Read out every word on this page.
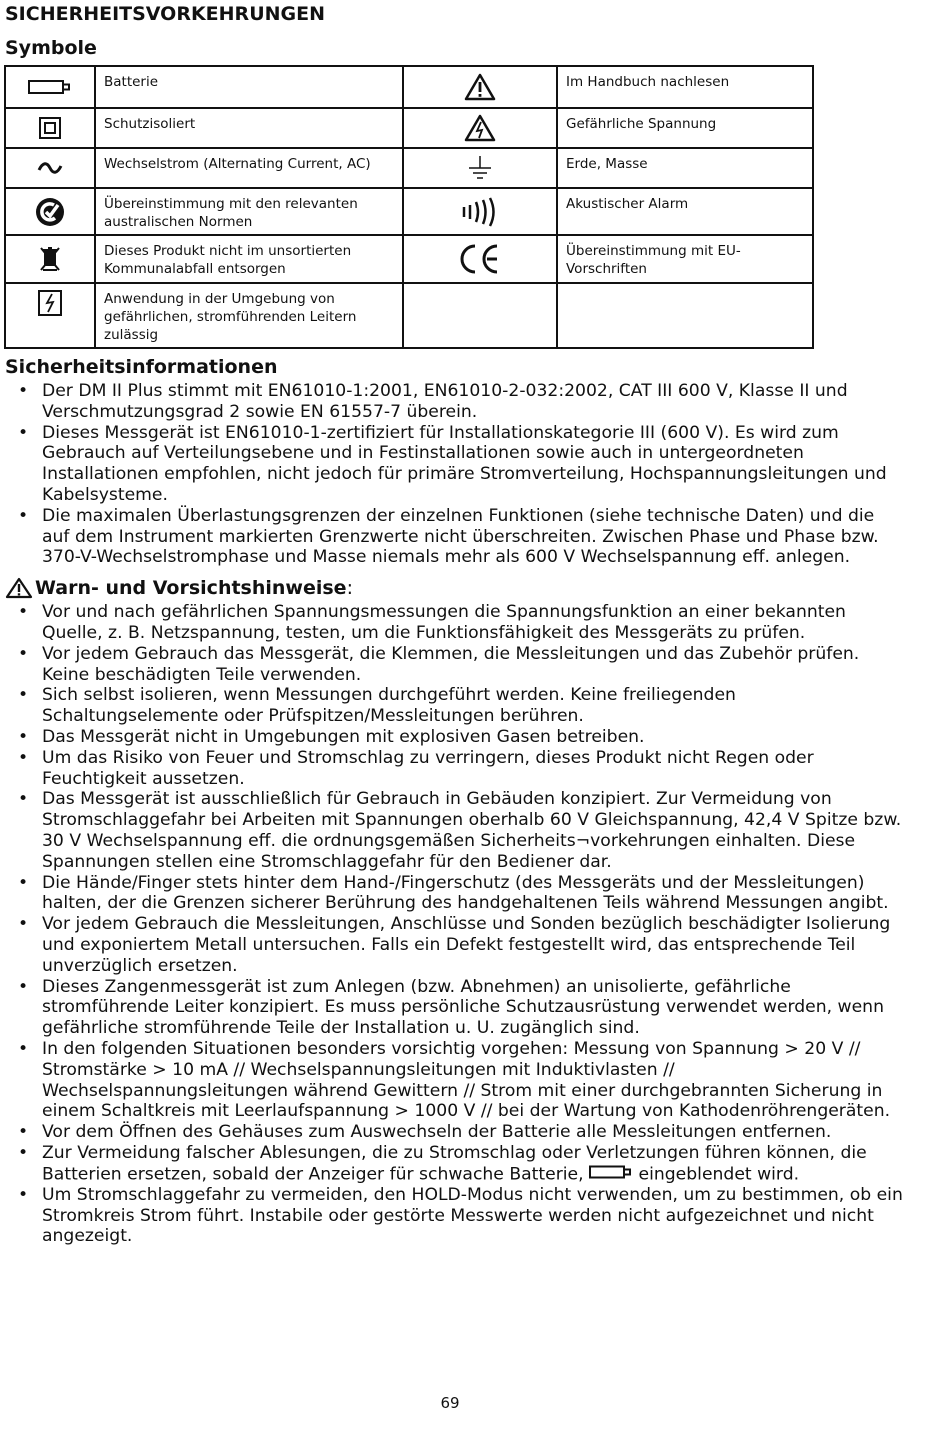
SICHERHEITSVORKEHRUNGEN
Symbole
	Batterie		Im Handbuch nachlesen

	Schutzisoliert		Gefährliche Spannung

	Wechselstrom (Alternating Current, AC)		Erde, Masse

	Übereinstimmung mit den relevanten australischen Normen		Akustischer Alarm

	Dieses Produkt nicht im unsortierten Kommunalabfall entsorgen		Übereinstimmung mit EU-Vorschriften

	Anwendung in der Umgebung von gefährlichen, stromführenden Leitern zulässig		
Sicherheitsinformationen
• Der DM II Plus stimmt mit EN61010-1:2001, EN61010-2-032:2002, CAT III 600 V, Klasse II und Verschmutzungsgrad 2 sowie EN 61557-7 überein.
• Dieses Messgerät ist EN61010-1-zertifiziert für Installationskategorie III (600 V). Es wird zum Gebrauch auf Verteilungsebene und in Festinstallationen sowie auch in untergeordneten Installationen empfohlen, nicht jedoch für primäre Stromverteilung, Hochspannungsleitungen und Kabelsysteme.
• Die maximalen Überlastungsgrenzen der einzelnen Funktionen (siehe technische Daten) und die auf dem Instrument markierten Grenzwerte nicht überschreiten. Zwischen Phase und Phase bzw. 370-V-Wechselstromphase und Masse niemals mehr als 600 V Wechselspannung eff. anlegen.
Warn- und Vorsichtshinweise :
• Vor und nach gefährlichen Spannungsmessungen die Spannungsfunktion an einer bekannten Quelle, z. B. Netzspannung, testen, um die Funktionsfähigkeit des Messgeräts zu prüfen.
• Vor jedem Gebrauch das Messgerät, die Klemmen, die Messleitungen und das Zubehör prüfen. Keine beschädigten Teile verwenden.
• Sich selbst isolieren, wenn Messungen durchgeführt werden. Keine freiliegenden Schaltungselemente oder Prüfspitzen/Messleitungen berühren.
• Das Messgerät nicht in Umgebungen mit explosiven Gasen betreiben.
• Um das Risiko von Feuer und Stromschlag zu verringern, dieses Produkt nicht Regen oder Feuchtigkeit aussetzen.
• Das Messgerät ist ausschließlich für Gebrauch in Gebäuden konzipiert. Zur Vermeidung von Stromschlaggefahr bei Arbeiten mit Spannungen oberhalb 60 V Gleichspannung, 42,4 V Spitze bzw. 30 V Wechselspannung eff. die ordnungsgemäßen Sicherheits¬vorkehrungen einhalten. Diese Spannungen stellen eine Stromschlaggefahr für den Bediener dar.
• Die Hände/Finger stets hinter dem Hand-/Fingerschutz (des Messgeräts und der Messleitungen) halten, der die Grenzen sicherer Berührung des handgehaltenen Teils während Messungen angibt.
• Vor jedem Gebrauch die Messleitungen, Anschlüsse und Sonden bezüglich beschädigter Isolierung und exponiertem Metall untersuchen. Falls ein Defekt festgestellt wird, das entsprechende Teil unverzüglich ersetzen.
• Dieses Zangenmessgerät ist zum Anlegen (bzw. Abnehmen) an unisolierte, gefährliche stromführende Leiter konzipiert. Es muss persönliche Schutzausrüstung verwendet werden, wenn gefährliche stromführende Teile der Installation u. U. zugänglich sind.
• In den folgenden Situationen besonders vorsichtig vorgehen: Messung von Spannung > 20 V // Stromstärke > 10 mA // Wechselspannungsleitungen mit Induktivlasten // Wechselspannungsleitungen während Gewittern // Strom mit einer durchgebrannten Sicherung in einem Schaltkreis mit Leerlaufspannung > 1000 V // bei der Wartung von Kathodenröhrengeräten.
• Vor dem Öffnen des Gehäuses zum Auswechseln der Batterie alle Messleitungen entfernen.
• Zur Vermeidung falscher Ablesungen, die zu Stromschlag oder Verletzungen führen können, die Batterien ersetzen, sobald der Anzeiger für schwache Batterie,	eingeblendet wird.
• Um Stromschlaggefahr zu vermeiden, den HOLD-Modus nicht verwenden, um zu bestimmen, ob ein Stromkreis Strom führt. Instabile oder gestörte Messwerte werden nicht aufgezeichnet und nicht angezeigt.
69
